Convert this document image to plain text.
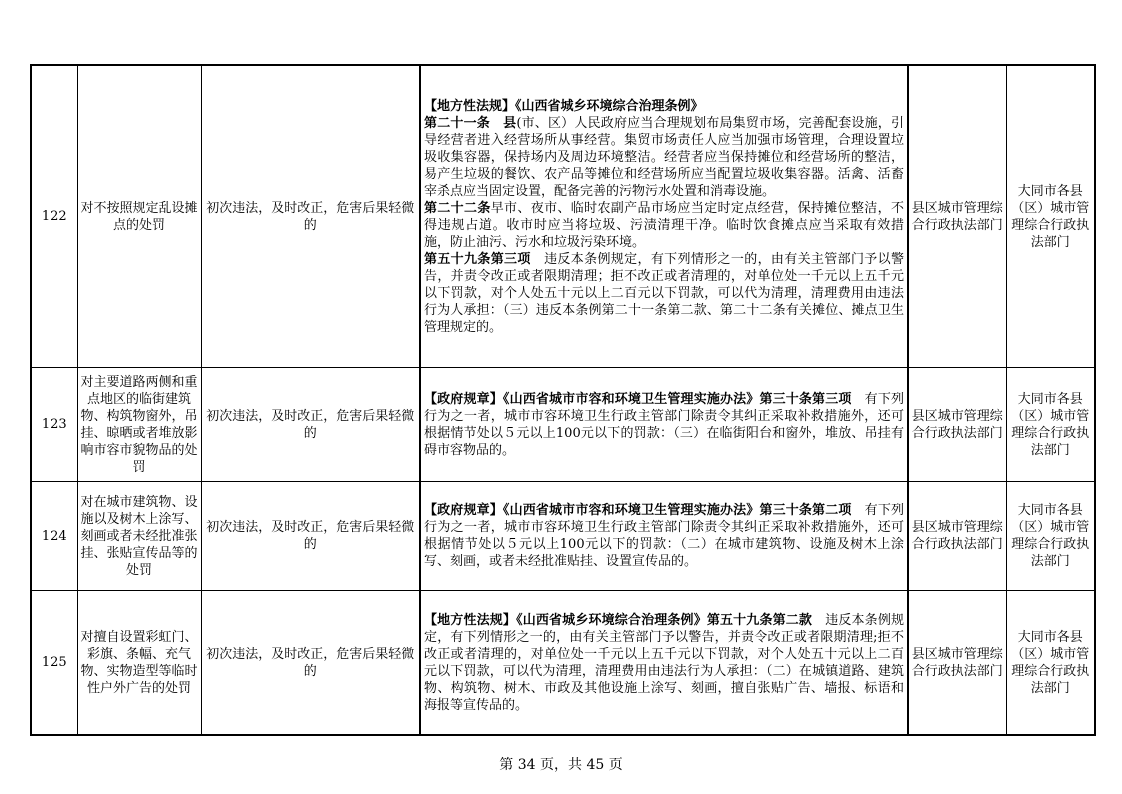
122	对不按照规定乱设摊点的处罚	初次违法，及时改正，危害后果轻微的	【地方性法规】《山西省城乡环境综合治理条例》

第二十一条　县(市、区）人民政府应当合理规划布局集贸市场，完善配套设施，引导经营者进入经营场所从事经营。集贸市场责任人应当加强市场管理，合理设置垃圾收集容器，保持场内及周边环境整洁。经营者应当保持摊位和经营场所的整洁，易产生垃圾的餐饮、农产品等摊位和经营场所应当配置垃圾收集容器。活禽、活畜宰杀点应当固定设置，配备完善的污物污水处置和消毒设施。

第二十二条早市、夜市、临时农副产品市场应当定时定点经营，保持摊位整洁，不得违规占道。收市时应当将垃圾、污渍清理干净。临时饮食摊点应当采取有效措施，防止油污、污水和垃圾污染环境。

第五十九条第三项　违反本条例规定，有下列情形之一的，由有关主管部门予以警告，并责令改正或者限期清理；拒不改正或者清理的，对单位处一千元以上五千元以下罚款，对个人处五十元以上二百元以下罚款，可以代为清理，清理费用由违法行为人承担：（三）违反本条例第二十一条第二款、第二十二条有关摊位、摊点卫生管理规定的。	县区城市管理综合行政执法部门	大同市各县（区）城市管理综合行政执法部门
123	对主要道路两侧和重点地区的临街建筑物、构筑物窗外，吊挂、晾晒或者堆放影响市容市貌物品的处罚	初次违法，及时改正，危害后果轻微的	【政府规章】《山西省城市市容和环境卫生管理实施办法》第三十条第三项　有下列行为之一者，城市市容环境卫生行政主管部门除责令其纠正采取补救措施外，还可根据情节处以５元以上100元以下的罚款：（三）在临街阳台和窗外，堆放、吊挂有碍市容物品的。	县区城市管理综合行政执法部门	大同市各县（区）城市管理综合行政执法部门
124	对在城市建筑物、设施以及树木上涂写、刻画或者未经批准张挂、张贴宣传品等的处罚	初次违法，及时改正，危害后果轻微的	【政府规章】《山西省城市市容和环境卫生管理实施办法》第三十条第二项　有下列行为之一者，城市市容环境卫生行政主管部门除责令其纠正采取补救措施外，还可根据情节处以５元以上100元以下的罚款：（二）在城市建筑物、设施及树木上涂写、刻画，或者未经批准贴挂、设置宣传品的。	县区城市管理综合行政执法部门	大同市各县（区）城市管理综合行政执法部门
125	对擅自设置彩虹门、彩旗、条幅、充气物、实物造型等临时性户外广告的处罚	初次违法，及时改正，危害后果轻微的	【地方性法规】《山西省城乡环境综合治理条例》第五十九条第二款　违反本条例规定，有下列情形之一的，由有关主管部门予以警告，并责令改正或者限期清理;拒不改正或者清理的，对单位处一千元以上五千元以下罚款，对个人处五十元以上二百元以下罚款，可以代为清理，清理费用由违法行为人承担：（二）在城镇道路、建筑物、构筑物、树木、市政及其他设施上涂写、刻画，擅自张贴广告、墙报、标语和海报等宣传品的。	县区城市管理综合行政执法部门	大同市各县（区）城市管理综合行政执法部门
第 34 页，共 45 页
